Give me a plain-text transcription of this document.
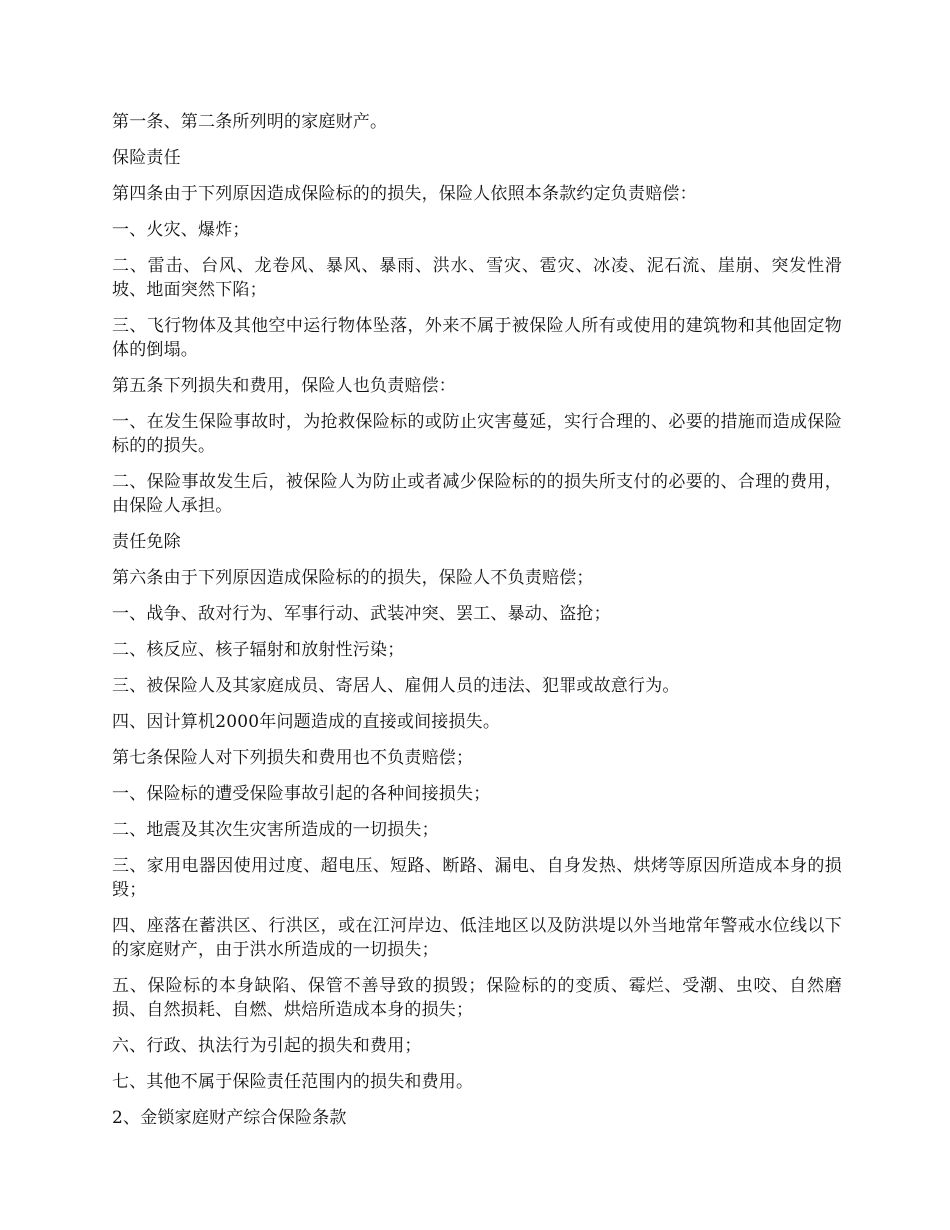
第一条、第二条所列明的家庭财产。

保险责任

第四条由于下列原因造成保险标的的损失，保险人依照本条款约定负责赔偿：

一、火灾、爆炸；

二、雷击、台风、龙卷风、暴风、暴雨、洪水、雪灾、雹灾、冰凌、泥石流、崖崩、突发性滑坡、地面突然下陷；

三、飞行物体及其他空中运行物体坠落，外来不属于被保险人所有或使用的建筑物和其他固定物体的倒塌。

第五条下列损失和费用，保险人也负责赔偿：

一、在发生保险事故时，为抢救保险标的或防止灾害蔓延，实行合理的、必要的措施而造成保险标的的损失。

二、保险事故发生后，被保险人为防止或者减少保险标的的损失所支付的必要的、合理的费用，由保险人承担。

责任免除

第六条由于下列原因造成保险标的的损失，保险人不负责赔偿；

一、战争、敌对行为、军事行动、武装冲突、罢工、暴动、盗抢；

二、核反应、核子辐射和放射性污染；

三、被保险人及其家庭成员、寄居人、雇佣人员的违法、犯罪或故意行为。

四、因计算机2000年问题造成的直接或间接损失。

第七条保险人对下列损失和费用也不负责赔偿；

一、保险标的遭受保险事故引起的各种间接损失；

二、地震及其次生灾害所造成的一切损失；

三、家用电器因使用过度、超电压、短路、断路、漏电、自身发热、烘烤等原因所造成本身的损毁；

四、座落在蓄洪区、行洪区，或在江河岸边、低洼地区以及防洪堤以外当地常年警戒水位线以下的家庭财产，由于洪水所造成的一切损失；

五、保险标的本身缺陷、保管不善导致的损毁；保险标的的变质、霉烂、受潮、虫咬、自然磨损、自然损耗、自燃、烘焙所造成本身的损失；

六、行政、执法行为引起的损失和费用；

七、其他不属于保险责任范围内的损失和费用。

2、金锁家庭财产综合保险条款
